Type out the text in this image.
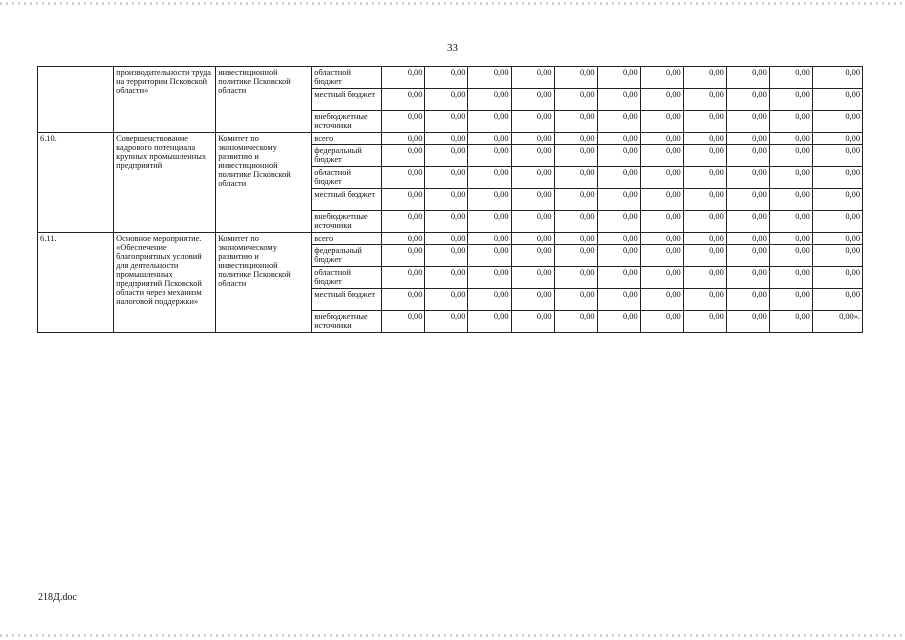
33
	производительности труда на территории Псковской области»	инвестиционной политике Псковской области	областной бюджет	0,00	0,00	0,00	0,00	0,00	0,00	0,00	0,00	0,00	0,00	0,00
			местный бюджет	0,00	0,00	0,00	0,00	0,00	0,00	0,00	0,00	0,00	0,00	0,00
			внебюджетные источники	0,00	0,00	0,00	0,00	0,00	0,00	0,00	0,00	0,00	0,00	0,00
6.10.	Совершенствование кадрового потенциала крупных промышленных предприятий	Комитет по экономическому развитию и инвестиционной политике Псковской области	всего	0,00	0,00	0,00	0,00	0,00	0,00	0,00	0,00	0,00	0,00	0,00
			федеральный бюджет	0,00	0,00	0,00	0,00	0,00	0,00	0,00	0,00	0,00	0,00	0,00
			областной бюджет	0,00	0,00	0,00	0,00	0,00	0,00	0,00	0,00	0,00	0,00	0,00
			местный бюджет	0,00	0,00	0,00	0,00	0,00	0,00	0,00	0,00	0,00	0,00	0,00
			внебюджетные источники	0,00	0,00	0,00	0,00	0,00	0,00	0,00	0,00	0,00	0,00	0,00
6.11.	Основное мероприятие. «Обеспечение благоприятных условий для деятельности промышленных предприятий Псковской области через механизм налоговой поддержки»	Комитет по экономическому развитию и инвестиционной политике Псковской области	всего	0,00	0,00	0,00	0,00	0,00	0,00	0,00	0,00	0,00	0,00	0,00
			федеральный бюджет	0,00	0,00	0,00	0,00	0,00	0,00	0,00	0,00	0,00	0,00	0,00
			областной бюджет	0,00	0,00	0,00	0,00	0,00	0,00	0,00	0,00	0,00	0,00	0,00
			местный бюджет	0,00	0,00	0,00	0,00	0,00	0,00	0,00	0,00	0,00	0,00	0,00
			внебюджетные источники	0,00	0,00	0,00	0,00	0,00	0,00	0,00	0,00	0,00	0,00	0,00».
218Д.doc
